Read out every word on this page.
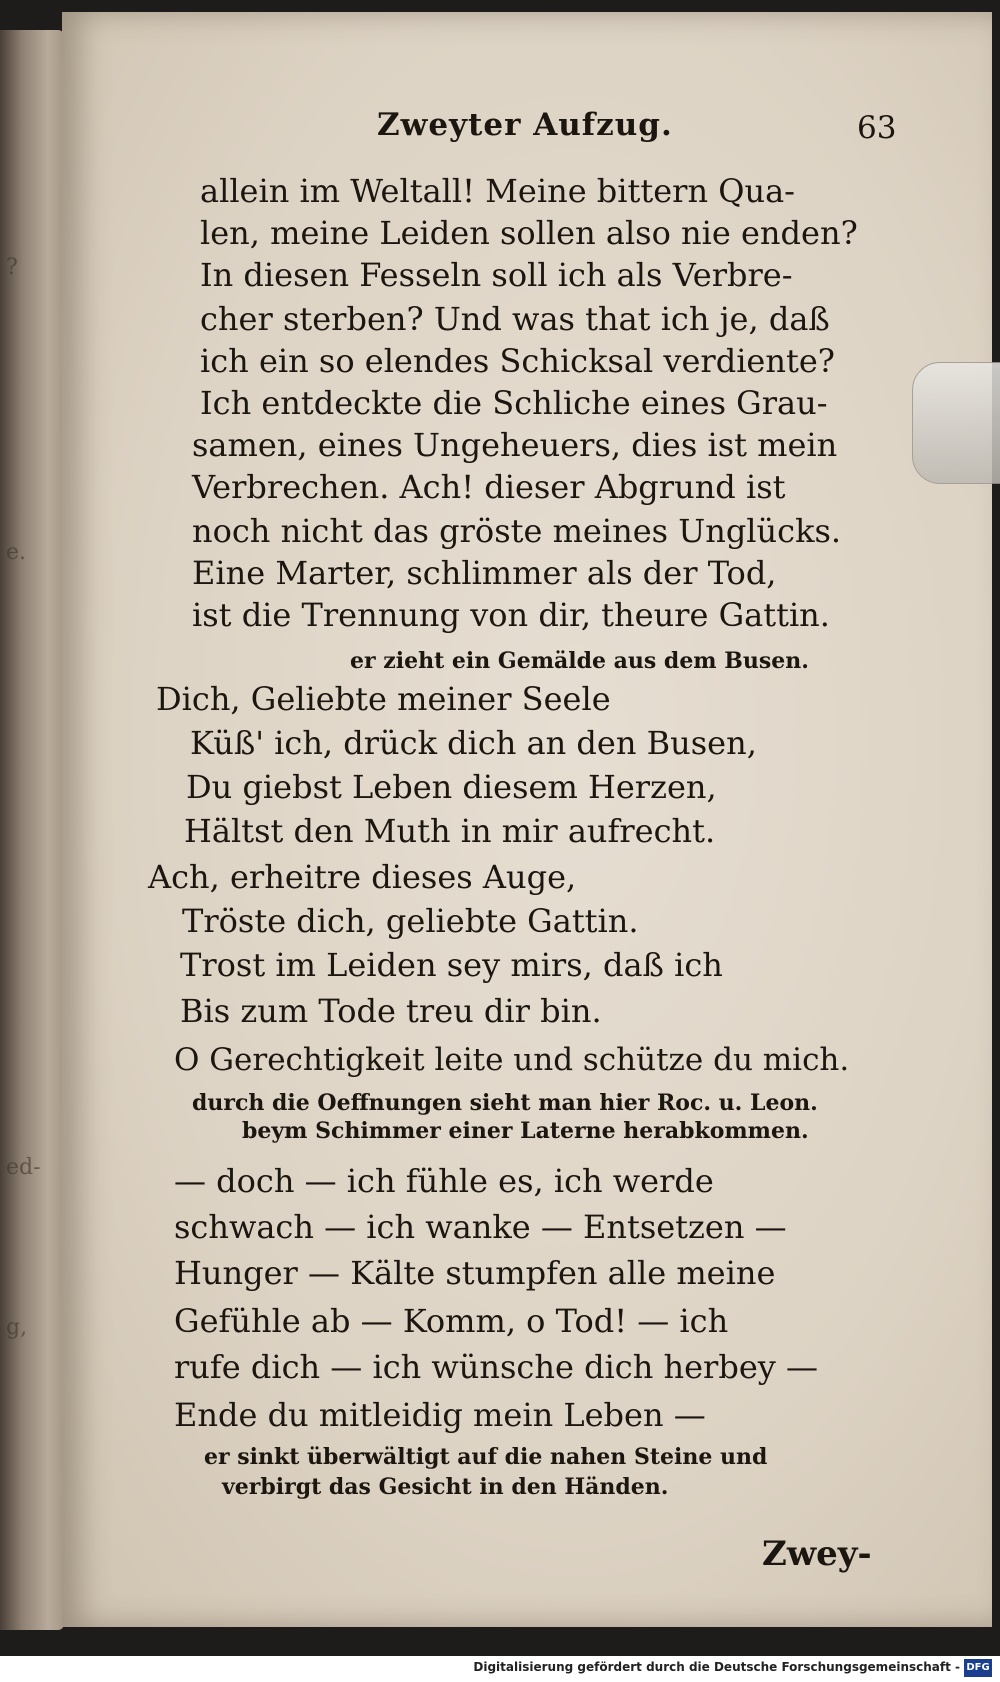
?
e.
ed-
g,
Zweyter Aufzug.	63
allein im Weltall! Meine bittern Qua-
len, meine Leiden sollen also nie enden?
In diesen Fesseln soll ich als Verbre-
cher sterben? Und was that ich je, daß
ich ein so elendes Schicksal verdiente?
Ich entdeckte die Schliche eines Grau-
samen, eines Ungeheuers, dies ist mein
Verbrechen. Ach! dieser Abgrund ist
noch nicht das gröste meines Unglücks.
Eine Marter, schlimmer als der Tod,
ist die Trennung von dir, theure Gattin.
er zieht ein Gemälde aus dem Busen.
Dich, Geliebte meiner Seele
Küß' ich, drück dich an den Busen,
Du giebst Leben diesem Herzen,
Hältst den Muth in mir aufrecht.
Ach, erheitre dieses Auge,
Tröste dich, geliebte Gattin.
Trost im Leiden sey mirs, daß ich
Bis zum Tode treu dir bin.
O Gerechtigkeit leite und schütze du mich.
durch die Oeffnungen sieht man hier Roc. u. Leon.
beym Schimmer einer Laterne herabkommen.
— doch — ich fühle es, ich werde
schwach — ich wanke — Entsetzen —
Hunger — Kälte stumpfen alle meine
Gefühle ab — Komm, o Tod! — ich
rufe dich — ich wünsche dich herbey —
Ende du mitleidig mein Leben —
er sinkt überwältigt auf die nahen Steine und
verbirgt das Gesicht in den Händen.
Zwey-
Digitalisierung gefördert durch die Deutsche Forschungsgemeinschaft - DFG
